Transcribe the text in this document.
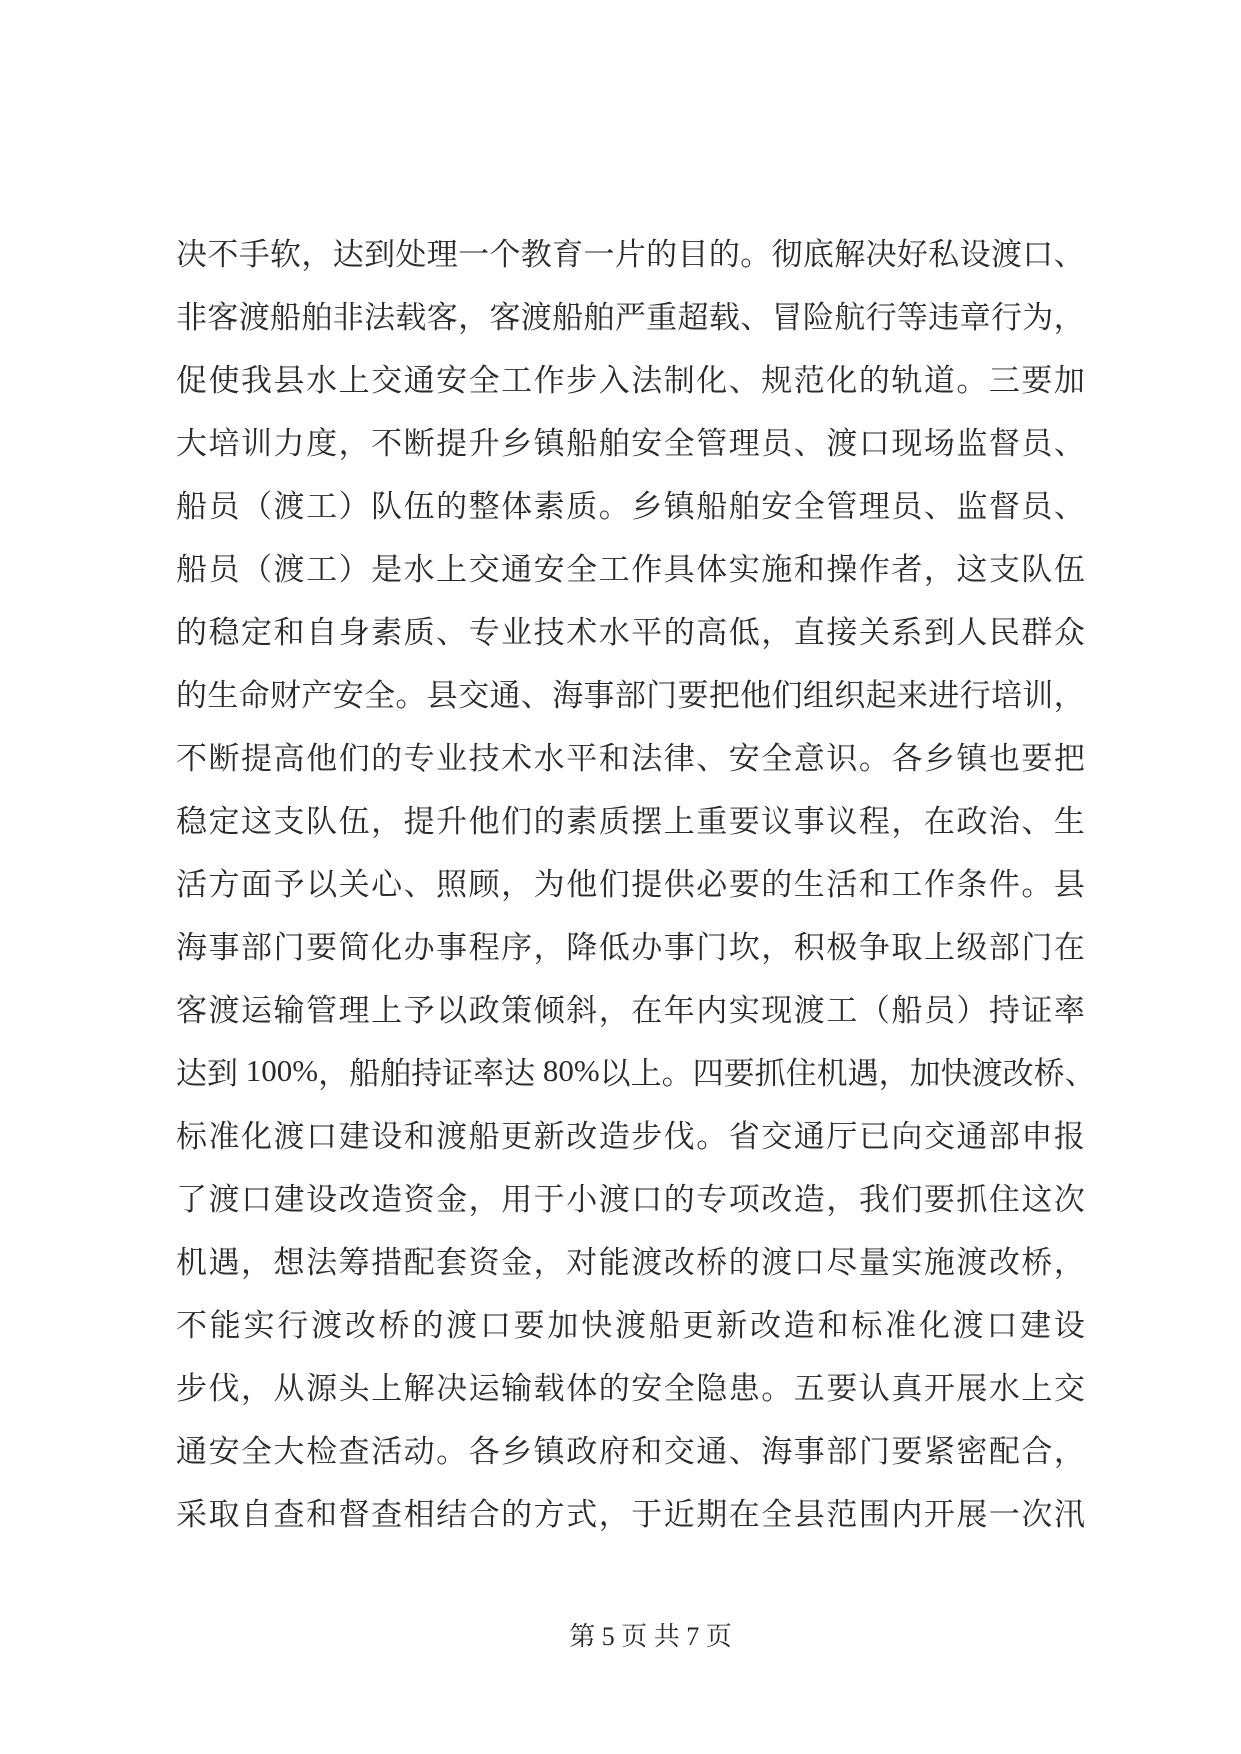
决 不 手 软 ， 达 到 处 理 一 个 教 育 一 片 的 目 的 。 彻 底 解 决 好 私 设 渡 口 、

非 客 渡 船 舶 非 法 载 客 ， 客 渡 船 舶 严 重 超 载 、 冒 险 航 行 等 违 章 行 为 ，

促 使 我 县 水 上 交 通 安 全 工 作 步 入 法 制 化 、 规 范 化 的 轨 道 。 三 要 加

大 培 训 力 度 ， 不 断 提 升 乡 镇 船 舶 安 全 管 理 员 、 渡 口 现 场 监 督 员 、

船 员 （ 渡 工 ） 队 伍 的 整 体 素 质 。 乡 镇 船 舶 安 全 管 理 员 、 监 督 员 、

船 员 （ 渡 工 ） 是 水 上 交 通 安 全 工 作 具 体 实 施 和 操 作 者 ， 这 支 队 伍

的 稳 定 和 自 身 素 质 、 专 业 技 术 水 平 的 高 低 ， 直 接 关 系 到 人 民 群 众

的 生 命 财 产 安 全 。 县 交 通 、 海 事 部 门 要 把 他 们 组 织 起 来 进 行 培 训 ，

不 断 提 高 他 们 的 专 业 技 术 水 平 和 法 律 、 安 全 意 识 。 各 乡 镇 也 要 把

稳 定 这 支 队 伍 ， 提 升 他 们 的 素 质 摆 上 重 要 议 事 议 程 ， 在 政 治 、 生

活 方 面 予 以 关 心 、 照 顾 ， 为 他 们 提 供 必 要 的 生 活 和 工 作 条 件 。 县

海 事 部 门 要 简 化 办 事 程 序 ， 降 低 办 事 门 坎 ， 积 极 争 取 上 级 部 门 在

客 渡 运 输 管 理 上 予 以 政 策 倾 斜 ， 在 年 内 实 现 渡 工 （ 船 员 ） 持 证 率

达 到
1 0 0 % ， 船 舶 持 证 率 达
8 0 % 以 上 。 四 要 抓 住 机 遇 ， 加 快 渡 改 桥 、

标 准 化 渡 口 建 设 和 渡 船 更 新 改 造 步 伐 。 省 交 通 厅 已 向 交 通 部 申 报

了 渡 口 建 设 改 造 资 金 ， 用 于 小 渡 口 的 专 项 改 造 ， 我 们 要 抓 住 这 次

机 遇 ， 想 法 筹 措 配 套 资 金 ， 对 能 渡 改 桥 的 渡 口 尽 量 实 施 渡 改 桥 ，

不 能 实 行 渡 改 桥 的 渡 口 要 加 快 渡 船 更 新 改 造 和 标 准 化 渡 口 建 设

步 伐 ， 从 源 头 上 解 决 运 输 载 体 的 安 全 隐 患 。 五 要 认 真 开 展 水 上 交

通 安 全 大 检 查 活 动 。 各 乡 镇 政 府 和 交 通 、 海 事 部 门 要 紧 密 配 合 ，

采 取 自 查 和 督 查 相 结 合 的 方 式 ， 于 近 期 在 全 县 范 围 内 开 展 一 次 汛

第 5 页 共 7 页
